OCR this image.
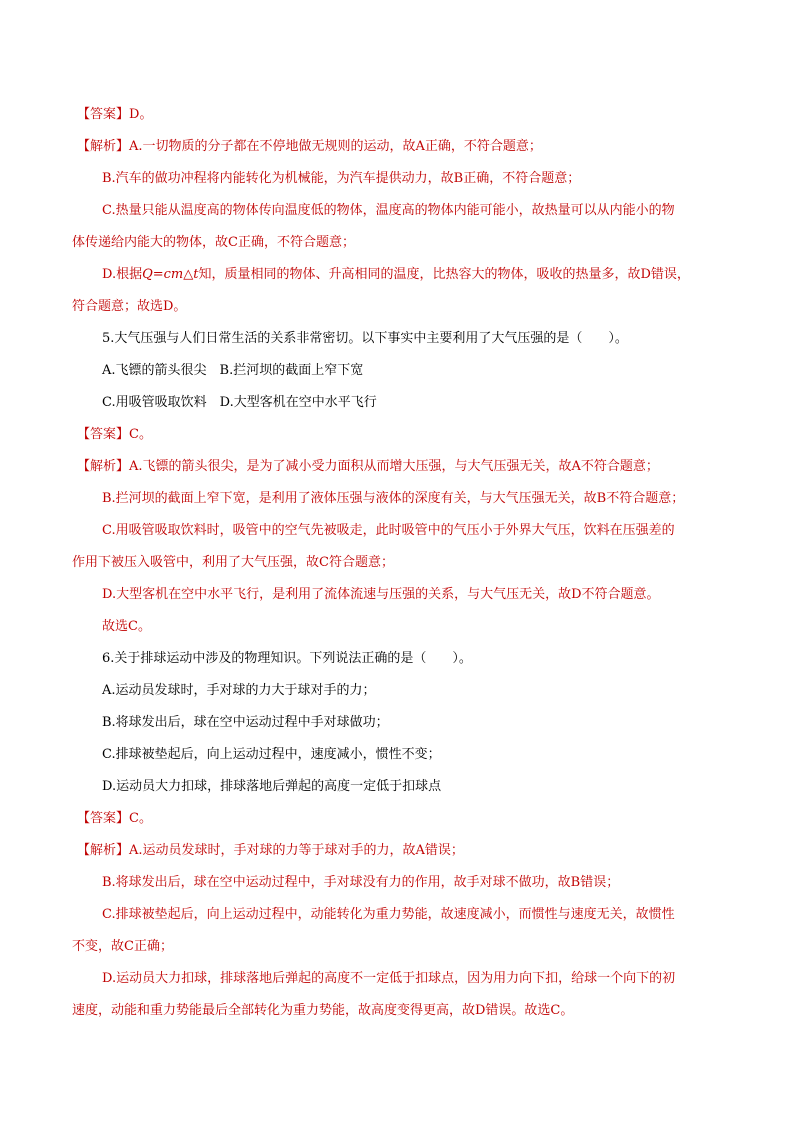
【答案】D。
【解析】A.一切物质的分子都在不停地做无规则的运动，故A正确，不符合题意；
B.汽车的做功冲程将内能转化为机械能，为汽车提供动力，故B正确，不符合题意；
C.热量只能从温度高的物体传向温度低的物体，温度高的物体内能可能小，故热量可以从内能小的物
体传递给内能大的物体，故C正确，不符合题意；
D.根据Q=cm△t知，质量相同的物体、升高相同的温度，比热容大的物体，吸收的热量多，故D错误，
符合题意；故选D。
5.大气压强与人们日常生活的关系非常密切。以下事实中主要利用了大气压强的是（　　）。
A.飞镖的箭头很尖　B.拦河坝的截面上窄下宽
C.用吸管吸取饮料　D.大型客机在空中水平飞行
【答案】C。
【解析】A.飞镖的箭头很尖，是为了减小受力面积从而增大压强，与大气压强无关，故A不符合题意；
B.拦河坝的截面上窄下宽，是利用了液体压强与液体的深度有关，与大气压强无关，故B不符合题意；
C.用吸管吸取饮料时，吸管中的空气先被吸走，此时吸管中的气压小于外界大气压，饮料在压强差的
作用下被压入吸管中，利用了大气压强，故C符合题意；
D.大型客机在空中水平飞行，是利用了流体流速与压强的关系，与大气压无关，故D不符合题意。
故选C。
6.关于排球运动中涉及的物理知识。下列说法正确的是（　　）。
A.运动员发球时，手对球的力大于球对手的力；
B.将球发出后，球在空中运动过程中手对球做功；
C.排球被垫起后，向上运动过程中，速度减小，惯性不变；
D.运动员大力扣球，排球落地后弹起的高度一定低于扣球点
【答案】C。
【解析】A.运动员发球时，手对球的力等于球对手的力，故A错误；
B.将球发出后，球在空中运动过程中，手对球没有力的作用，故手对球不做功，故B错误；
C.排球被垫起后，向上运动过程中，动能转化为重力势能，故速度减小，而惯性与速度无关，故惯性
不变，故C正确；
D.运动员大力扣球，排球落地后弹起的高度不一定低于扣球点，因为用力向下扣，给球一个向下的初
速度，动能和重力势能最后全部转化为重力势能，故高度变得更高，故D错误。故选C。
